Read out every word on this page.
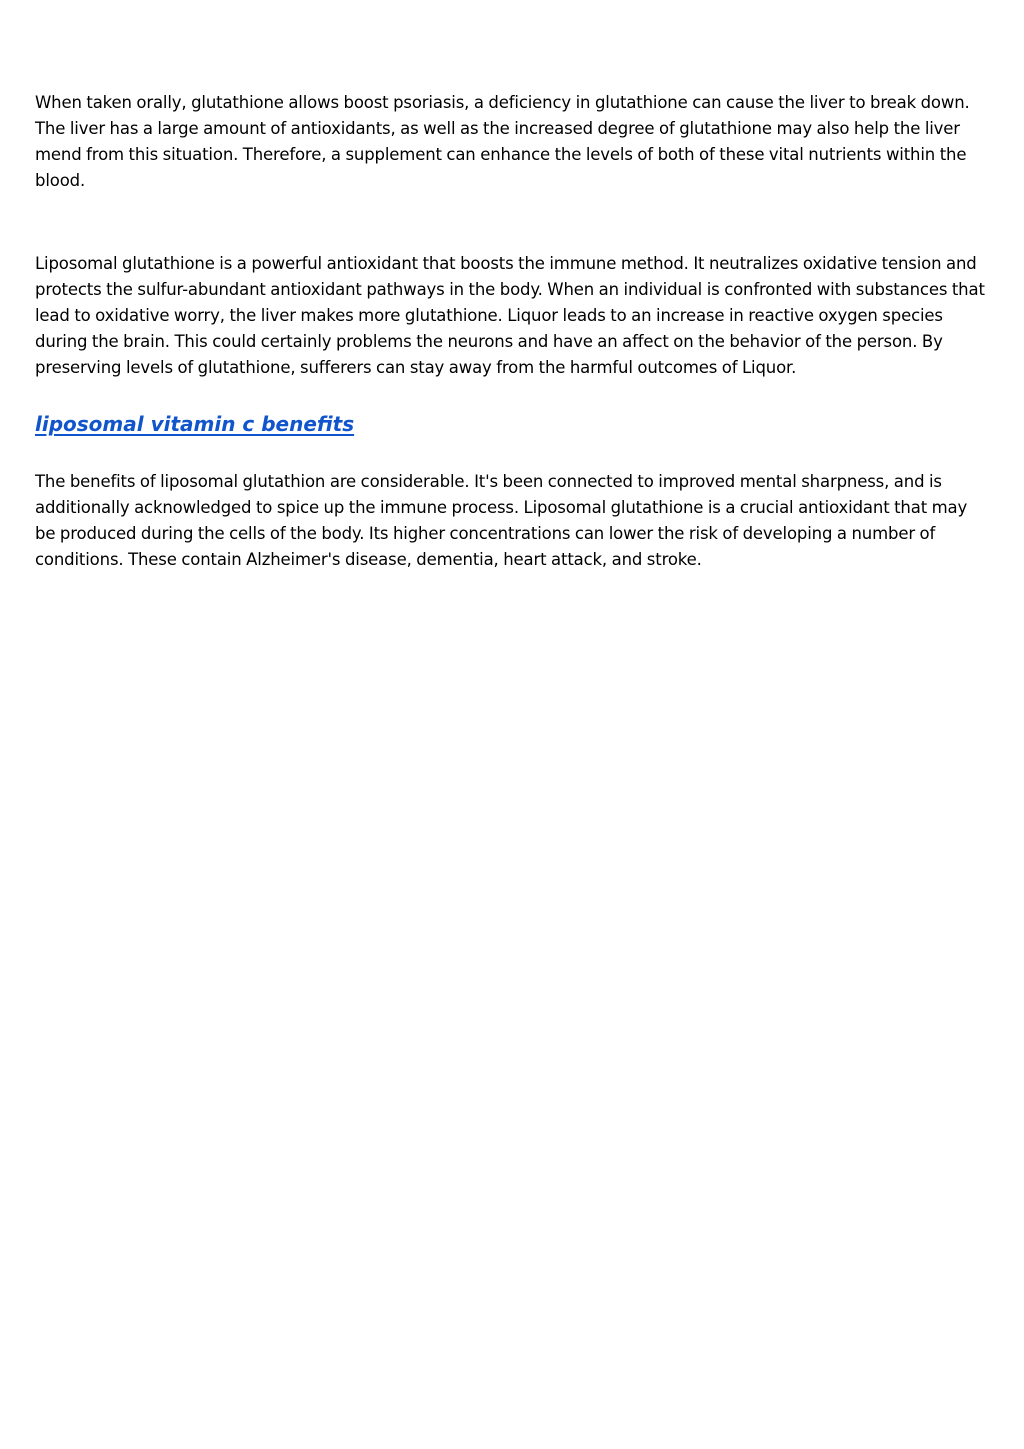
When taken orally, glutathione allows boost psoriasis, a deficiency in glutathione can cause the liver to break down. The liver has a large amount of antioxidants, as well as the increased degree of glutathione may also help the liver mend from this situation. Therefore, a supplement can enhance the levels of both of these vital nutrients within the blood.

Liposomal glutathione is a powerful antioxidant that boosts the immune method. It neutralizes oxidative tension and protects the sulfur-abundant antioxidant pathways in the body. When an individual is confronted with substances that lead to oxidative worry, the liver makes more glutathione. Liquor leads to an increase in reactive oxygen species during the brain. This could certainly problems the neurons and have an affect on the behavior of the person. By preserving levels of glutathione, sufferers can stay away from the harmful outcomes of Liquor.

liposomal vitamin c benefits

The benefits of liposomal glutathion are considerable. It's been connected to improved mental sharpness, and is additionally acknowledged to spice up the immune process. Liposomal glutathione is a crucial antioxidant that may be produced during the cells of the body. Its higher concentrations can lower the risk of developing a number of conditions. These contain Alzheimer's disease, dementia, heart attack, and stroke.
